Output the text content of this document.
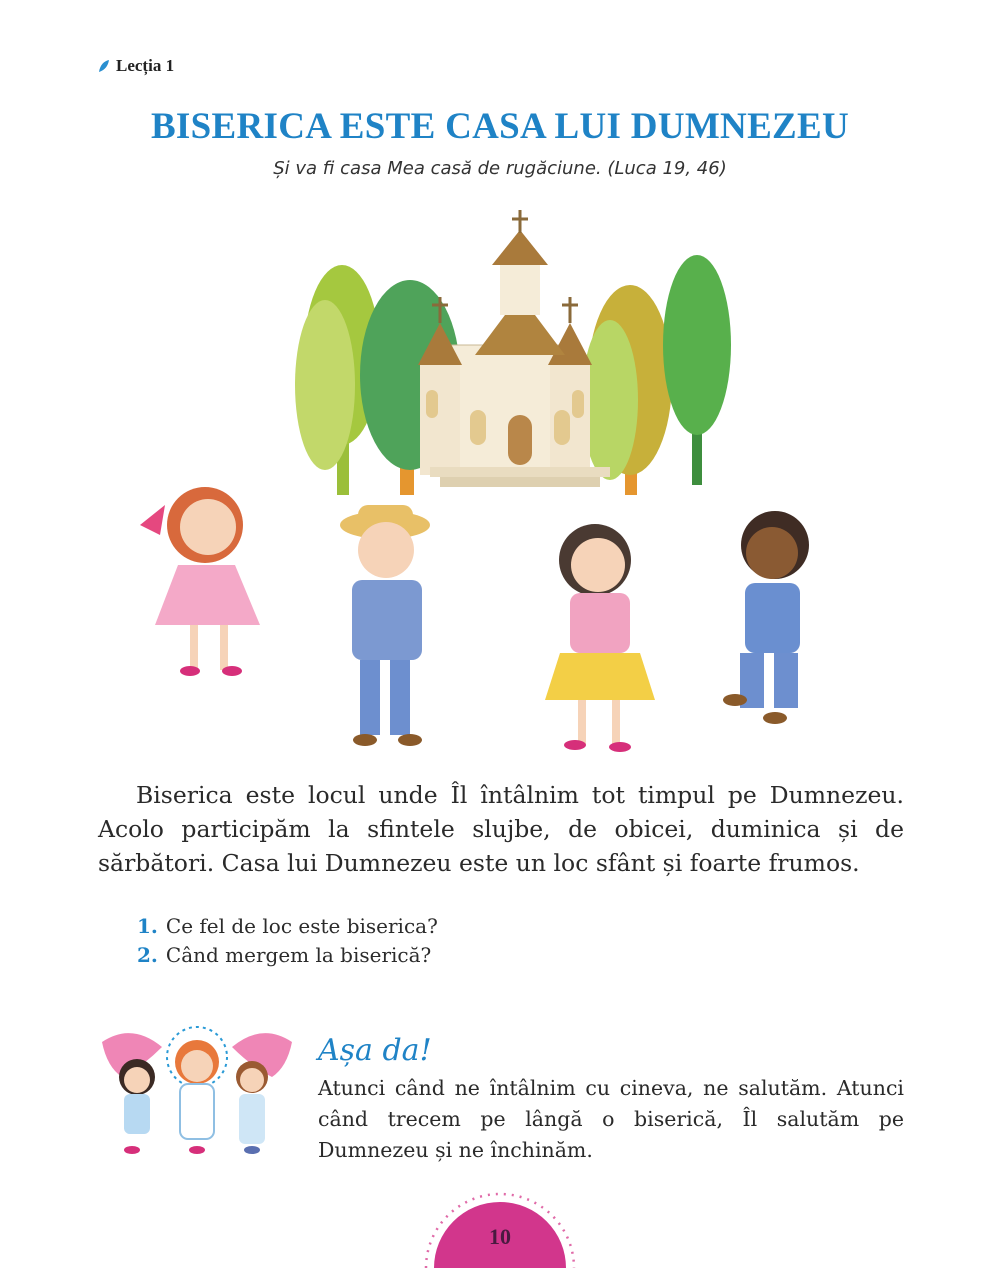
Lecția 1
BISERICA ESTE CASA LUI DUMNEZEU
Și va fi casa Mea casă de rugăciune. (Luca 19, 46)

Biserica este locul unde Îl întâlnim tot timpul pe Dumnezeu. Acolo participăm la sfintele slujbe, de obicei, duminica și de sărbători. Casa lui Dumnezeu este un loc sfânt și foarte frumos.

1. Ce fel de loc este biserica?
2. Când mergem la biserică?
Așa da!

Atunci când ne întâlnim cu cineva, ne salutăm. Atunci când trecem pe lângă o biserică, Îl salutăm pe Dumnezeu și ne închinăm.

10
